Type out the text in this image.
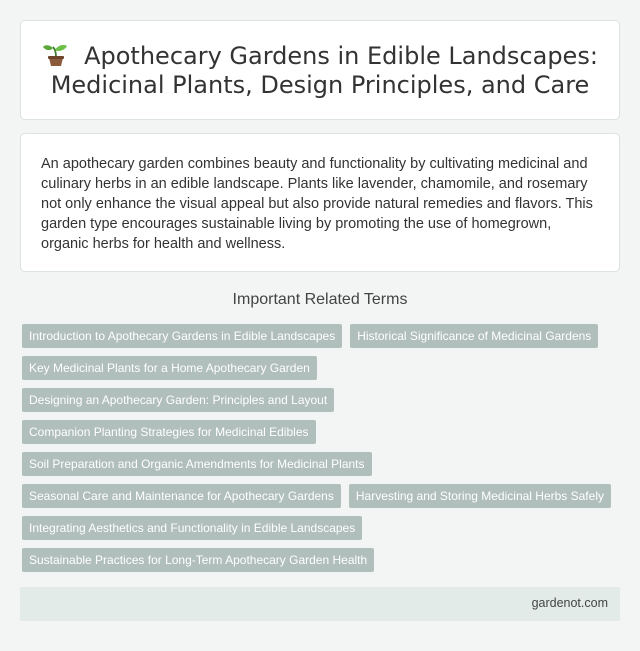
Apothecary Gardens in Edible Landscapes:
Medicinal Plants, Design Principles, and Care

An apothecary garden combines beauty and functionality by cultivating medicinal and culinary herbs in an edible landscape. Plants like lavender, chamomile, and rosemary not only enhance the visual appeal but also provide natural remedies and flavors. This garden type encourages sustainable living by promoting the use of homegrown, organic herbs for health and wellness.

Important Related Terms
Introduction to Apothecary Gardens in Edible Landscapes	Historical Significance of Medicinal Gardens
Key Medicinal Plants for a Home Apothecary Garden
Designing an Apothecary Garden: Principles and Layout
Companion Planting Strategies for Medicinal Edibles
Soil Preparation and Organic Amendments for Medicinal Plants
Seasonal Care and Maintenance for Apothecary Gardens	Harvesting and Storing Medicinal Herbs Safely
Integrating Aesthetics and Functionality in Edible Landscapes
Sustainable Practices for Long-Term Apothecary Garden Health
gardenot.com
